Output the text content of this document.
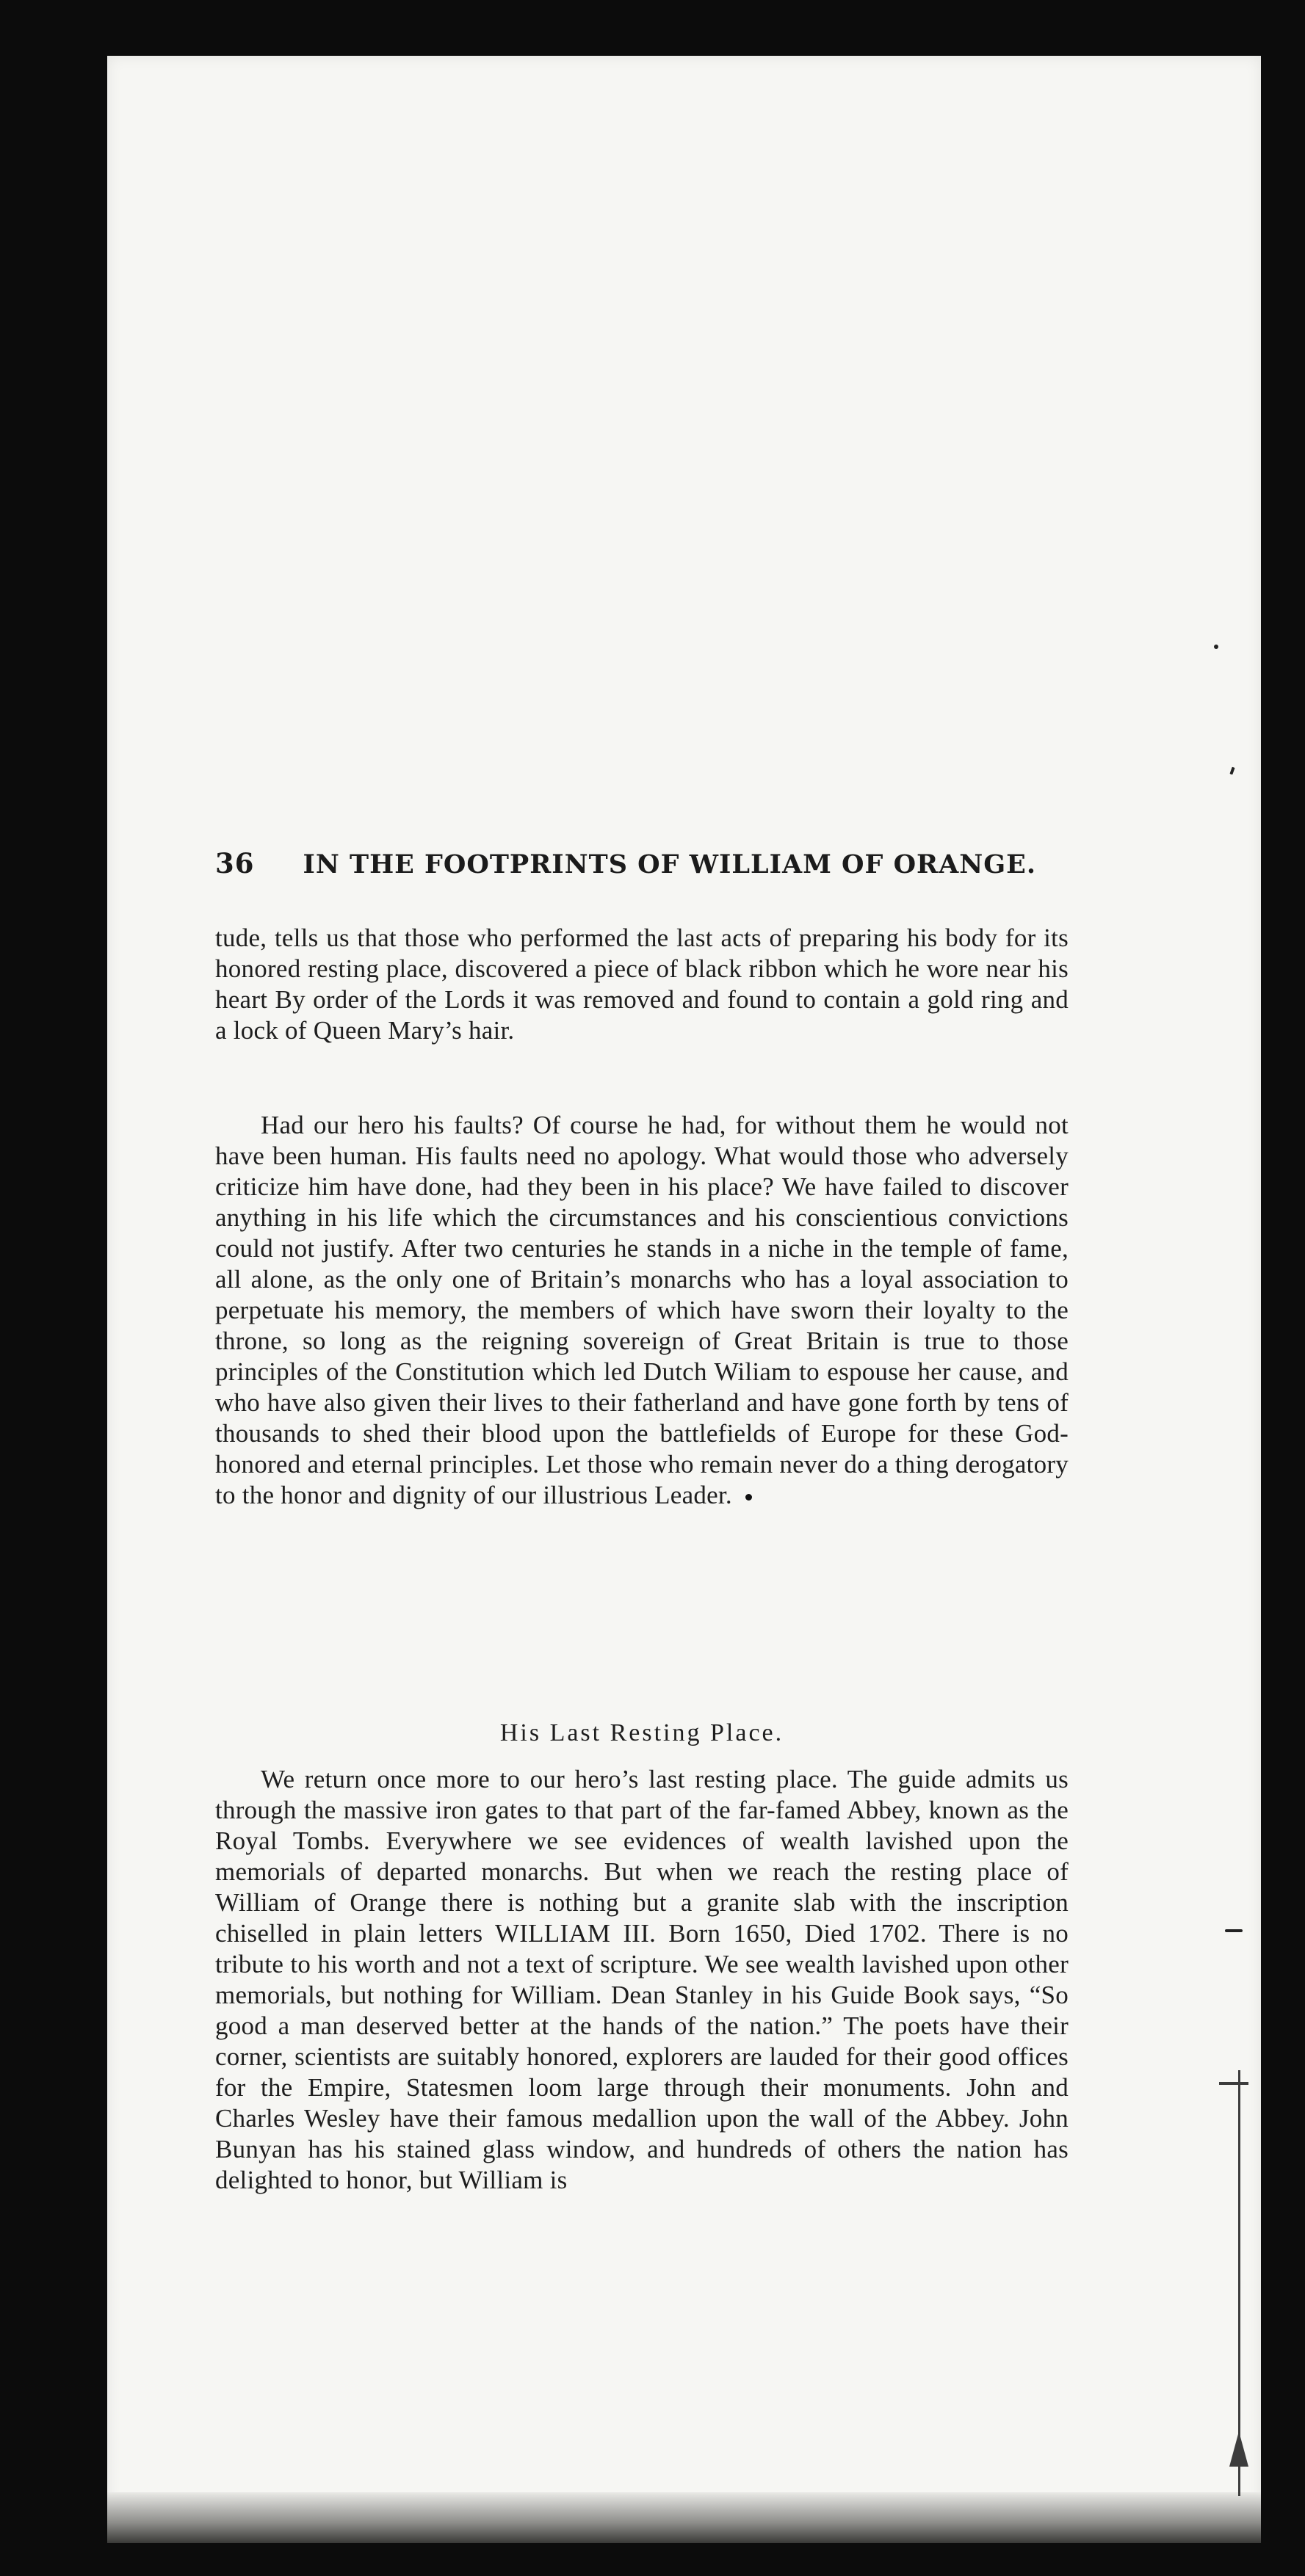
36 IN THE FOOTPRINTS OF WILLIAM OF ORANGE.

tude, tells us that those who performed the last acts of preparing his body for its honored resting place, discovered a piece of black ribbon which he wore near his heart By order of the Lords it was removed and found to contain a gold ring and a lock of Queen Mary’s hair.

Had our hero his faults? Of course he had, for without them he would not have been human. His faults need no apology. What would those who adversely criticize him have done, had they been in his place? We have failed to discover anything in his life which the circumstances and his conscientious convictions could not justify. After two centuries he stands in a niche in the temple of fame, all alone, as the only one of Britain’s monarchs who has a loyal association to perpetuate his memory, the members of which have sworn their loyalty to the throne, so long as the reigning sovereign of Great Britain is true to those principles of the Constitution which led Dutch Wiliam to espouse her cause, and who have also given their lives to their fatherland and have gone forth by tens of thousands to shed their blood upon the battlefields of Europe for these God-honored and eternal principles. Let those who remain never do a thing derogatory to the honor and dignity of our illustrious Leader.

His Last Resting Place.

We return once more to our hero’s last resting place. The guide admits us through the massive iron gates to that part of the far-famed Abbey, known as the Royal Tombs. Everywhere we see evidences of wealth lavished upon the memorials of departed monarchs. But when we reach the resting place of William of Orange there is nothing but a granite slab with the inscription chiselled in plain letters WILLIAM III. Born 1650, Died 1702. There is no tribute to his worth and not a text of scripture. We see wealth lavished upon other memorials, but nothing for William. Dean Stanley in his Guide Book says, “So good a man deserved better at the hands of the nation.” The poets have their corner, scientists are suitably honored, explorers are lauded for their good offices for the Empire, Statesmen loom large through their monuments. John and Charles Wesley have their famous medallion upon the wall of the Abbey. John Bunyan has his stained glass window, and hundreds of others the nation has delighted to honor, but William is
